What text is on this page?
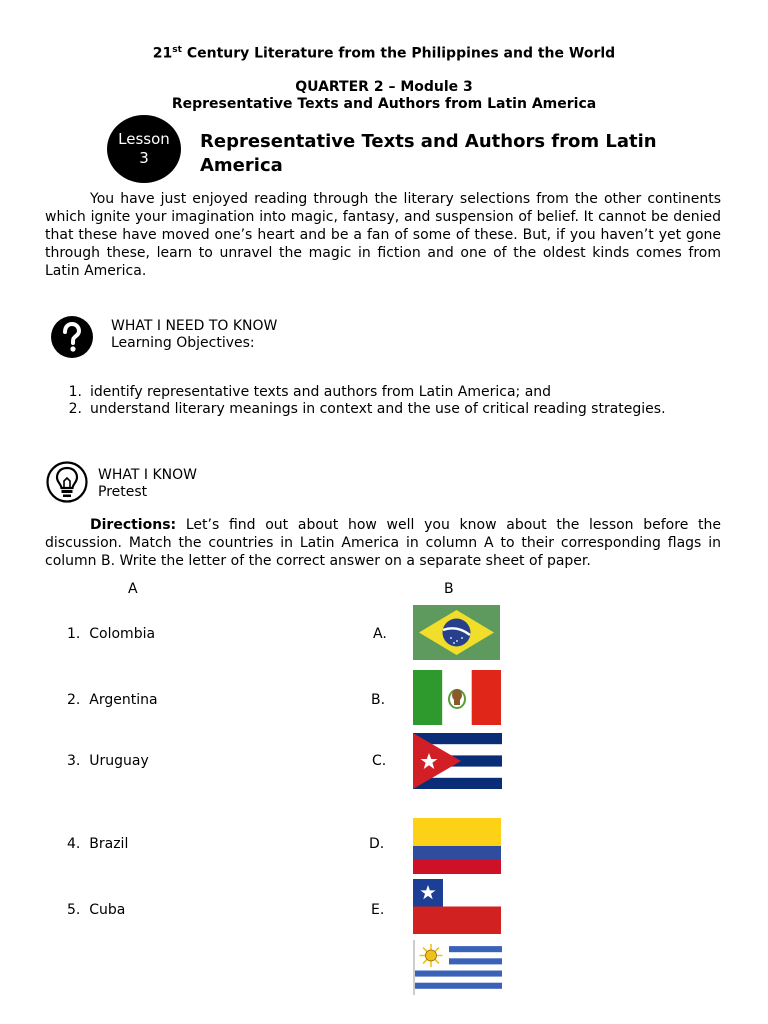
21st Century Literature from the Philippines and the World
QUARTER 2 – Module 3
Representative Texts and Authors from Latin America
Lesson
3
Representative Texts and Authors from Latin America

You have just enjoyed reading through the literary selections from the other continents which ignite your imagination into magic, fantasy, and suspension of belief. It cannot be denied that these have moved one’s heart and be a fan of some of these. But, if you haven’t yet gone through these, learn to unravel the magic in fiction and one of the oldest kinds comes from Latin America.

WHAT I NEED TO KNOW
Learning Objectives:
1. identify representative texts and authors from Latin America; and
2. understand literary meanings in context and the use of critical reading strategies.
WHAT I KNOW
Pretest

Directions: Let’s find out about how well you know about the lesson before the discussion. Match the countries in Latin America in column A to their corresponding flags in column B. Write the letter of the correct answer on a separate sheet of paper.

A	B
1. Colombia
2. Argentina
3. Uruguay
4. Brazil
5. Cuba
A.
B.
C.
D.
E.
